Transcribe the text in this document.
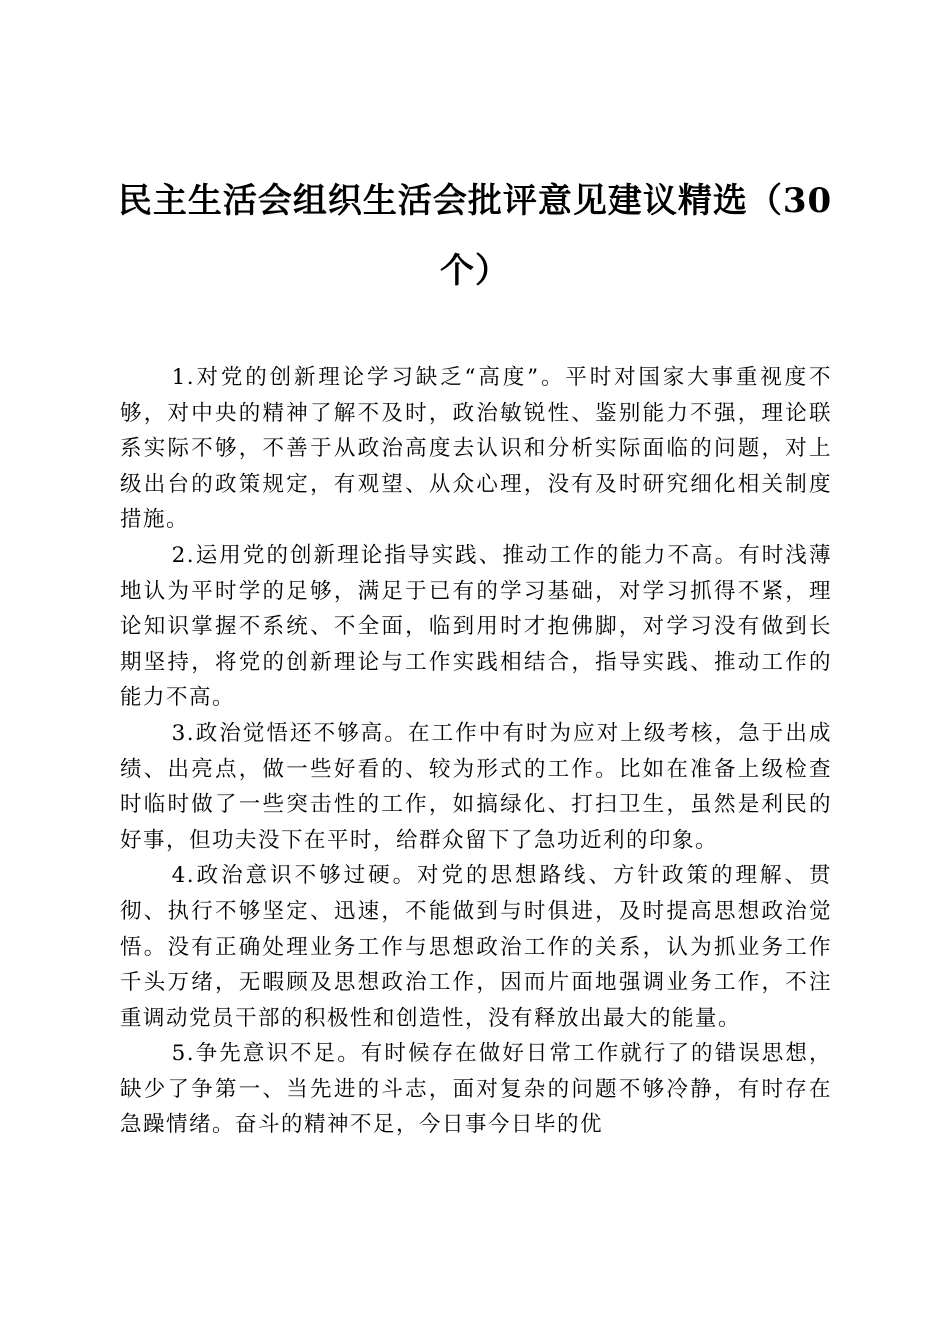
民主生活会组织生活会批评意见建议精选（30个）

1.对党的创新理论学习缺乏“高度”。平时对国家大事重视度不够，对中央的精神了解不及时，政治敏锐性、鉴别能力不强，理论联系实际不够，不善于从政治高度去认识和分析实际面临的问题，对上级出台的政策规定，有观望、从众心理，没有及时研究细化相关制度措施。

2.运用党的创新理论指导实践、推动工作的能力不高。有时浅薄地认为平时学的足够，满足于已有的学习基础，对学习抓得不紧，理论知识掌握不系统、不全面，临到用时才抱佛脚，对学习没有做到长期坚持，将党的创新理论与工作实践相结合，指导实践、推动工作的能力不高。

3.政治觉悟还不够高。在工作中有时为应对上级考核，急于出成绩、出亮点，做一些好看的、较为形式的工作。比如在准备上级检查时临时做了一些突击性的工作，如搞绿化、打扫卫生，虽然是利民的好事，但功夫没下在平时，给群众留下了急功近利的印象。

4.政治意识不够过硬。对党的思想路线、方针政策的理解、贯彻、执行不够坚定、迅速，不能做到与时俱进，及时提高思想政治觉悟。没有正确处理业务工作与思想政治工作的关系，认为抓业务工作千头万绪，无暇顾及思想政治工作，因而片面地强调业务工作，不注重调动党员干部的积极性和创造性，没有释放出最大的能量。

5.争先意识不足。有时候存在做好日常工作就行了的错误思想，缺少了争第一、当先进的斗志，面对复杂的问题不够冷静，有时存在急躁情绪。奋斗的精神不足，今日事今日毕的优
